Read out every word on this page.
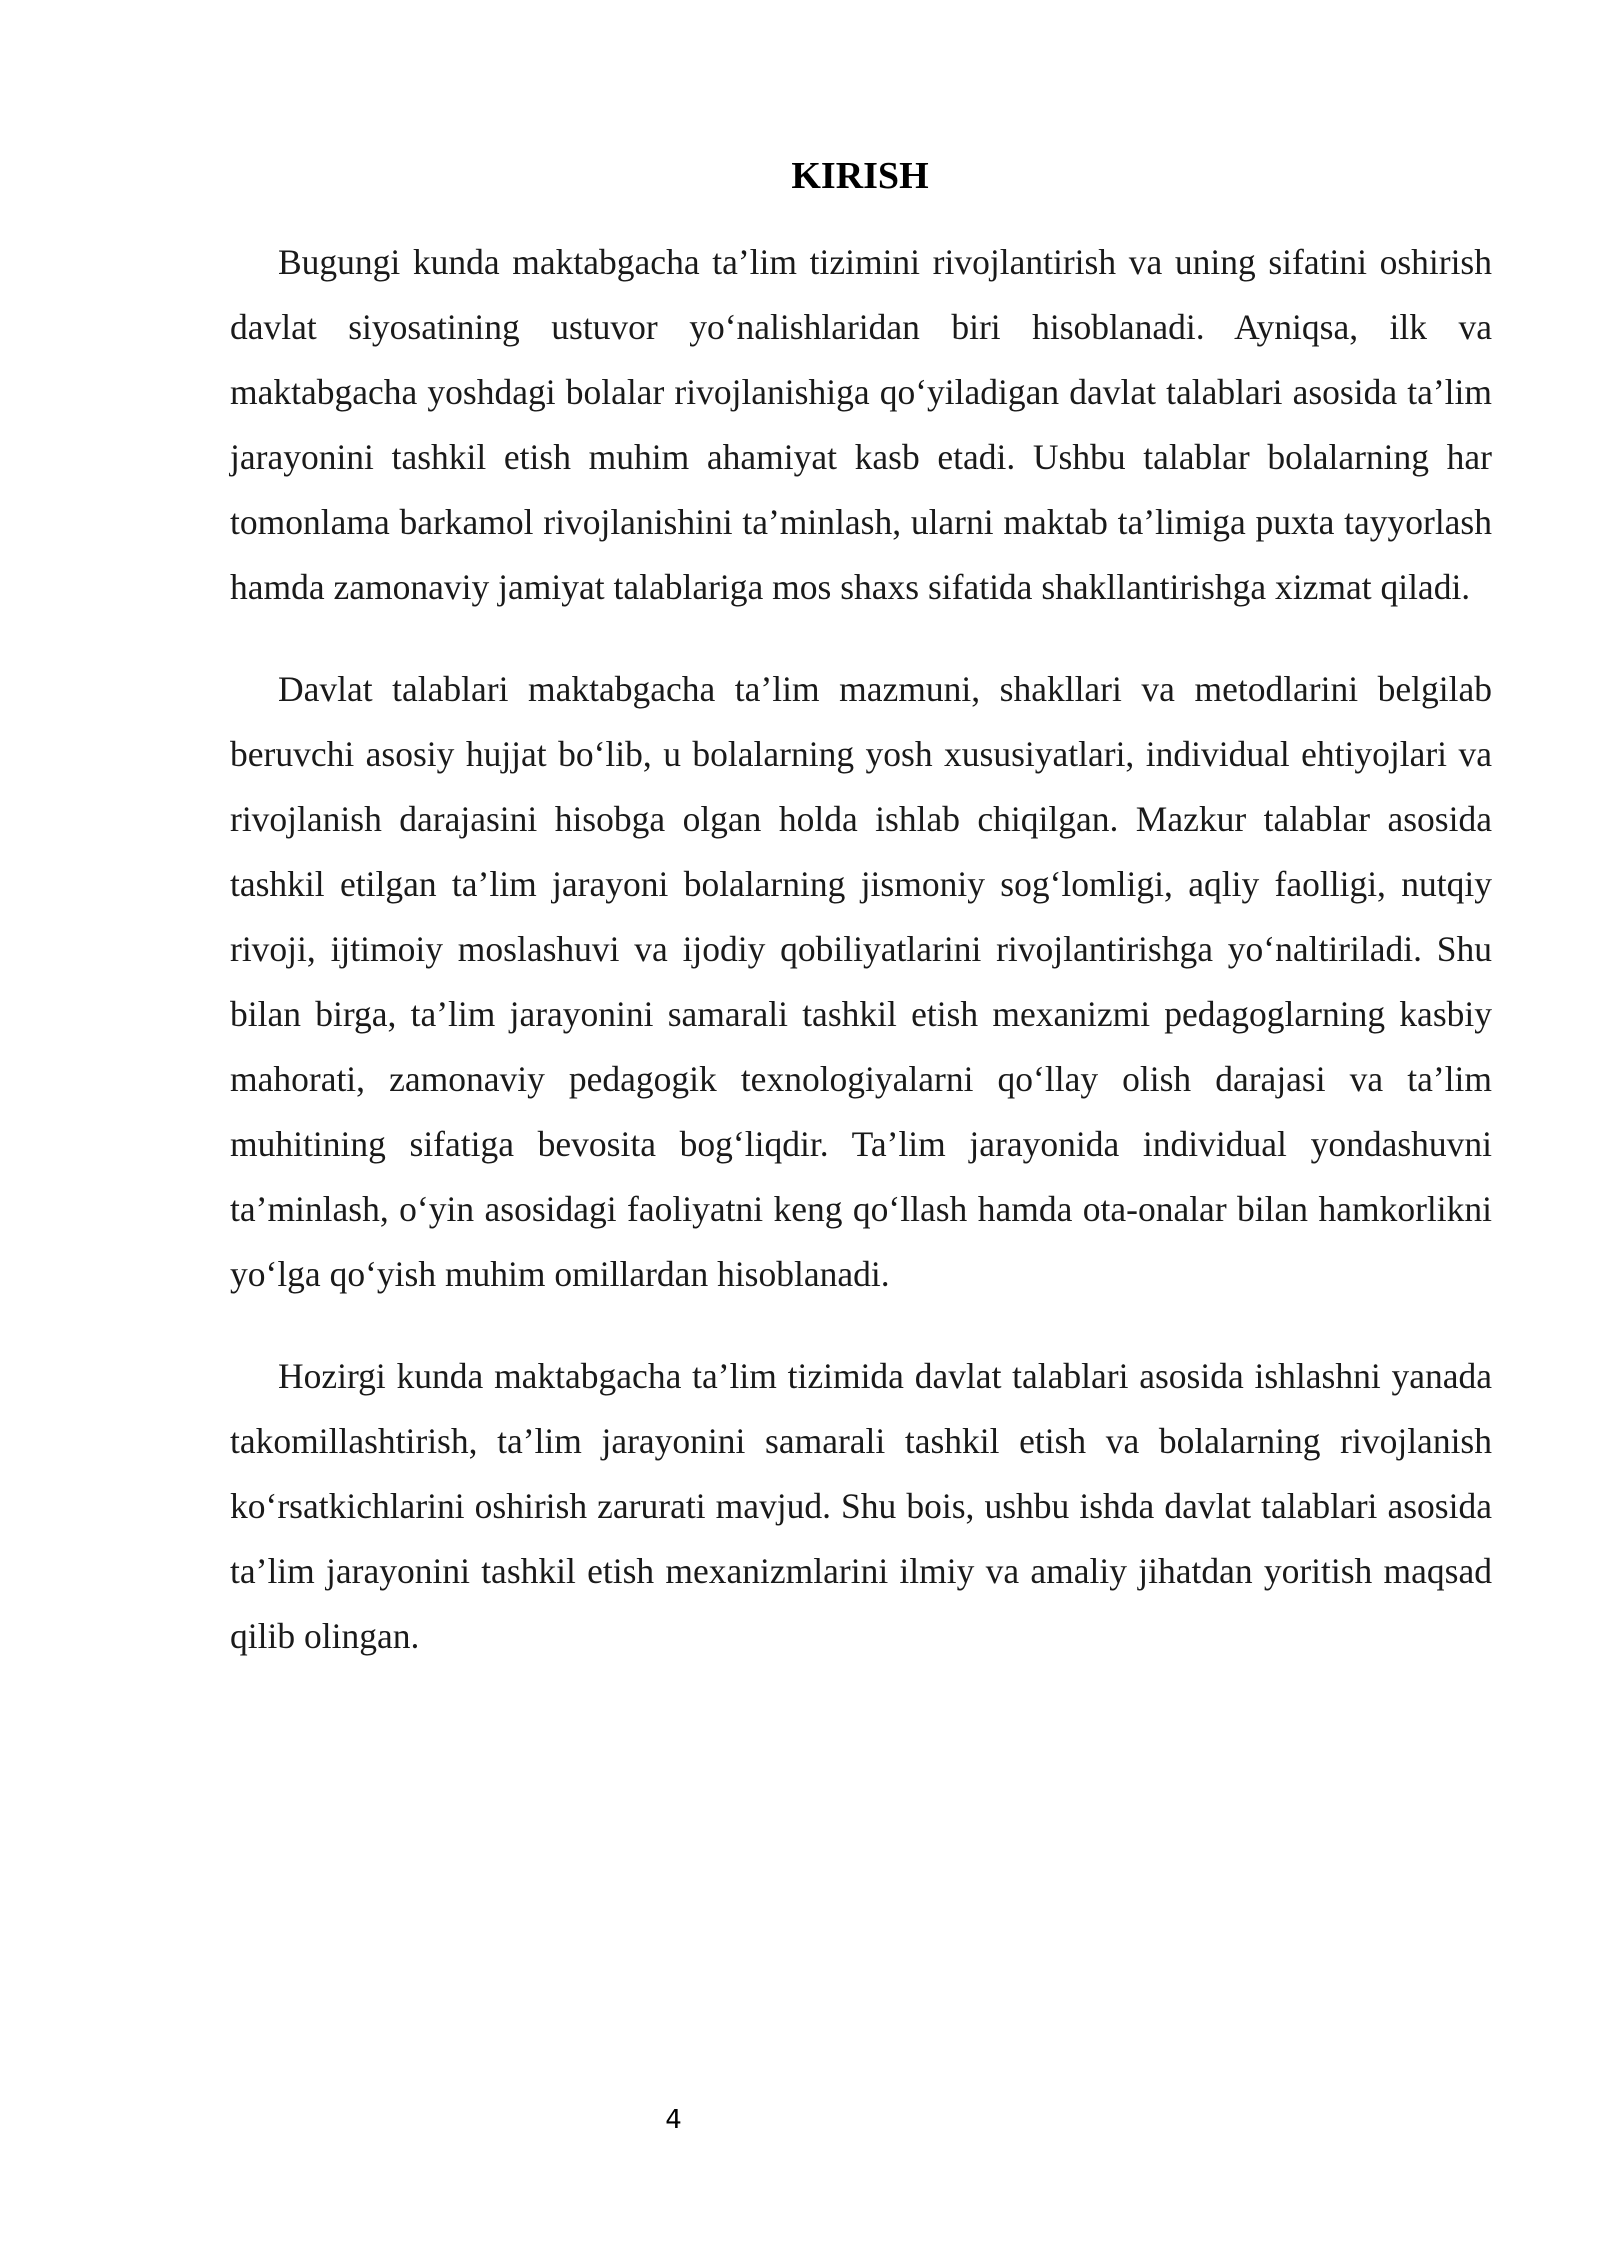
KIRISH

Bugungi kunda maktabgacha ta’lim tizimini rivojlantirish va uning sifatini oshirish davlat siyosatining ustuvor yo‘nalishlaridan biri hisoblanadi. Ayniqsa, ilk va maktabgacha yoshdagi bolalar rivojlanishiga qo‘yiladigan davlat talablari asosida ta’lim jarayonini tashkil etish muhim ahamiyat kasb etadi. Ushbu talablar bolalarning har tomonlama barkamol rivojlanishini ta’minlash, ularni maktab ta’limiga puxta tayyorlash hamda zamonaviy jamiyat talablariga mos shaxs sifatida shakllantirishga xizmat qiladi.

Davlat talablari maktabgacha ta’lim mazmuni, shakllari va metodlarini belgilab beruvchi asosiy hujjat bo‘lib, u bolalarning yosh xususiyatlari, individual ehtiyojlari va rivojlanish darajasini hisobga olgan holda ishlab chiqilgan. Mazkur talablar asosida tashkil etilgan ta’lim jarayoni bolalarning jismoniy sog‘lomligi, aqliy faolligi, nutqiy rivoji, ijtimoiy moslashuvi va ijodiy qobiliyatlarini rivojlantirishga yo‘naltiriladi. Shu bilan birga, ta’lim jarayonini samarali tashkil etish mexanizmi pedagoglarning kasbiy mahorati, zamonaviy pedagogik texnologiyalarni qo‘llay olish darajasi va ta’lim muhitining sifatiga bevosita bog‘liqdir. Ta’lim jarayonida individual yondashuvni ta’minlash, o‘yin asosidagi faoliyatni keng qo‘llash hamda ota-onalar bilan hamkorlikni yo‘lga qo‘yish muhim omillardan hisoblanadi.

Hozirgi kunda maktabgacha ta’lim tizimida davlat talablari asosida ishlashni yanada takomillashtirish, ta’lim jarayonini samarali tashkil etish va bolalarning rivojlanish ko‘rsatkichlarini oshirish zarurati mavjud. Shu bois, ushbu ishda davlat talablari asosida ta’lim jarayonini tashkil etish mexanizmlarini ilmiy va amaliy jihatdan yoritish maqsad qilib olingan.

4
